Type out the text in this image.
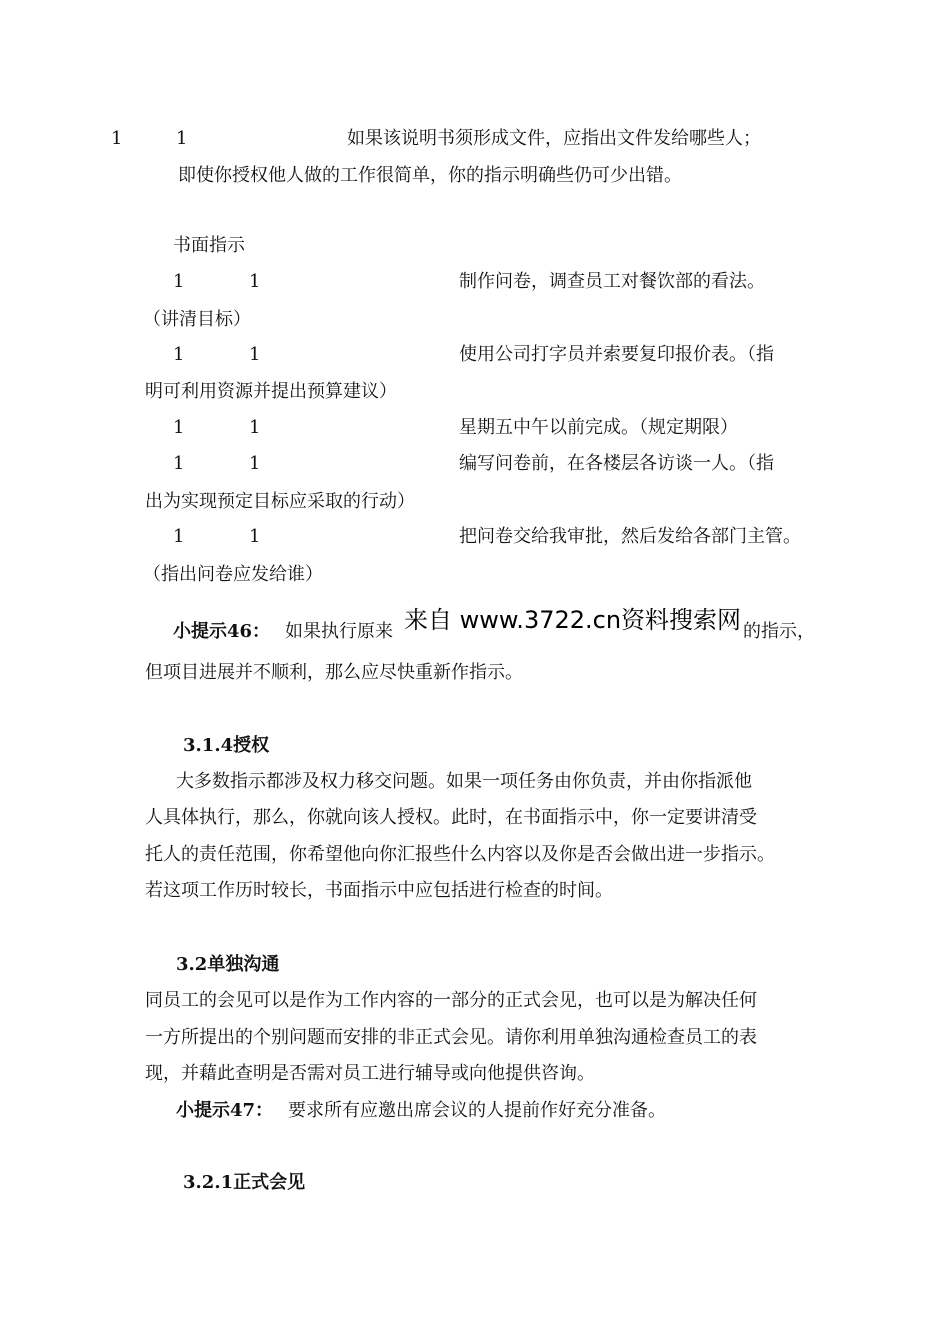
1	1	如果该说明书须形成文件，应指出文件发给哪些人；
即使你授权他人做的工作很简单，你的指示明确些仍可少出错。
书面指示
1	1	制作问卷，调查员工对餐饮部的看法。
（讲清目标）
1	1	使用公司打字员并索要复印报价表。（指
明可利用资源并提出预算建议）
1	1	星期五中午以前完成。（规定期限）
1	1	编写问卷前，在各楼层各访谈一人。（指
出为实现预定目标应采取的行动）
1	1	把问卷交给我审批，然后发给各部门主管。
（指出问卷应发给谁）
小提示46： 如果执行原来 来自 www.3722.cn资料搜索网 的指示，
但项目进展并不顺利，那么应尽快重新作指示。
3.1.4授权
大多数指示都涉及权力移交问题。如果一项任务由你负责，并由你指派他
人具体执行，那么，你就向该人授权。此时，在书面指示中，你一定要讲清受
托人的责任范围，你希望他向你汇报些什么内容以及你是否会做出进一步指示。
若这项工作历时较长，书面指示中应包括进行检查的时间。
3.2单独沟通
同员工的会见可以是作为工作内容的一部分的正式会见，也可以是为解决任何
一方所提出的个别问题而安排的非正式会见。请你利用单独沟通检查员工的表
现，并藉此查明是否需对员工进行辅导或向他提供咨询。
小提示47： 要求所有应邀出席会议的人提前作好充分准备。
3.2.1正式会见
